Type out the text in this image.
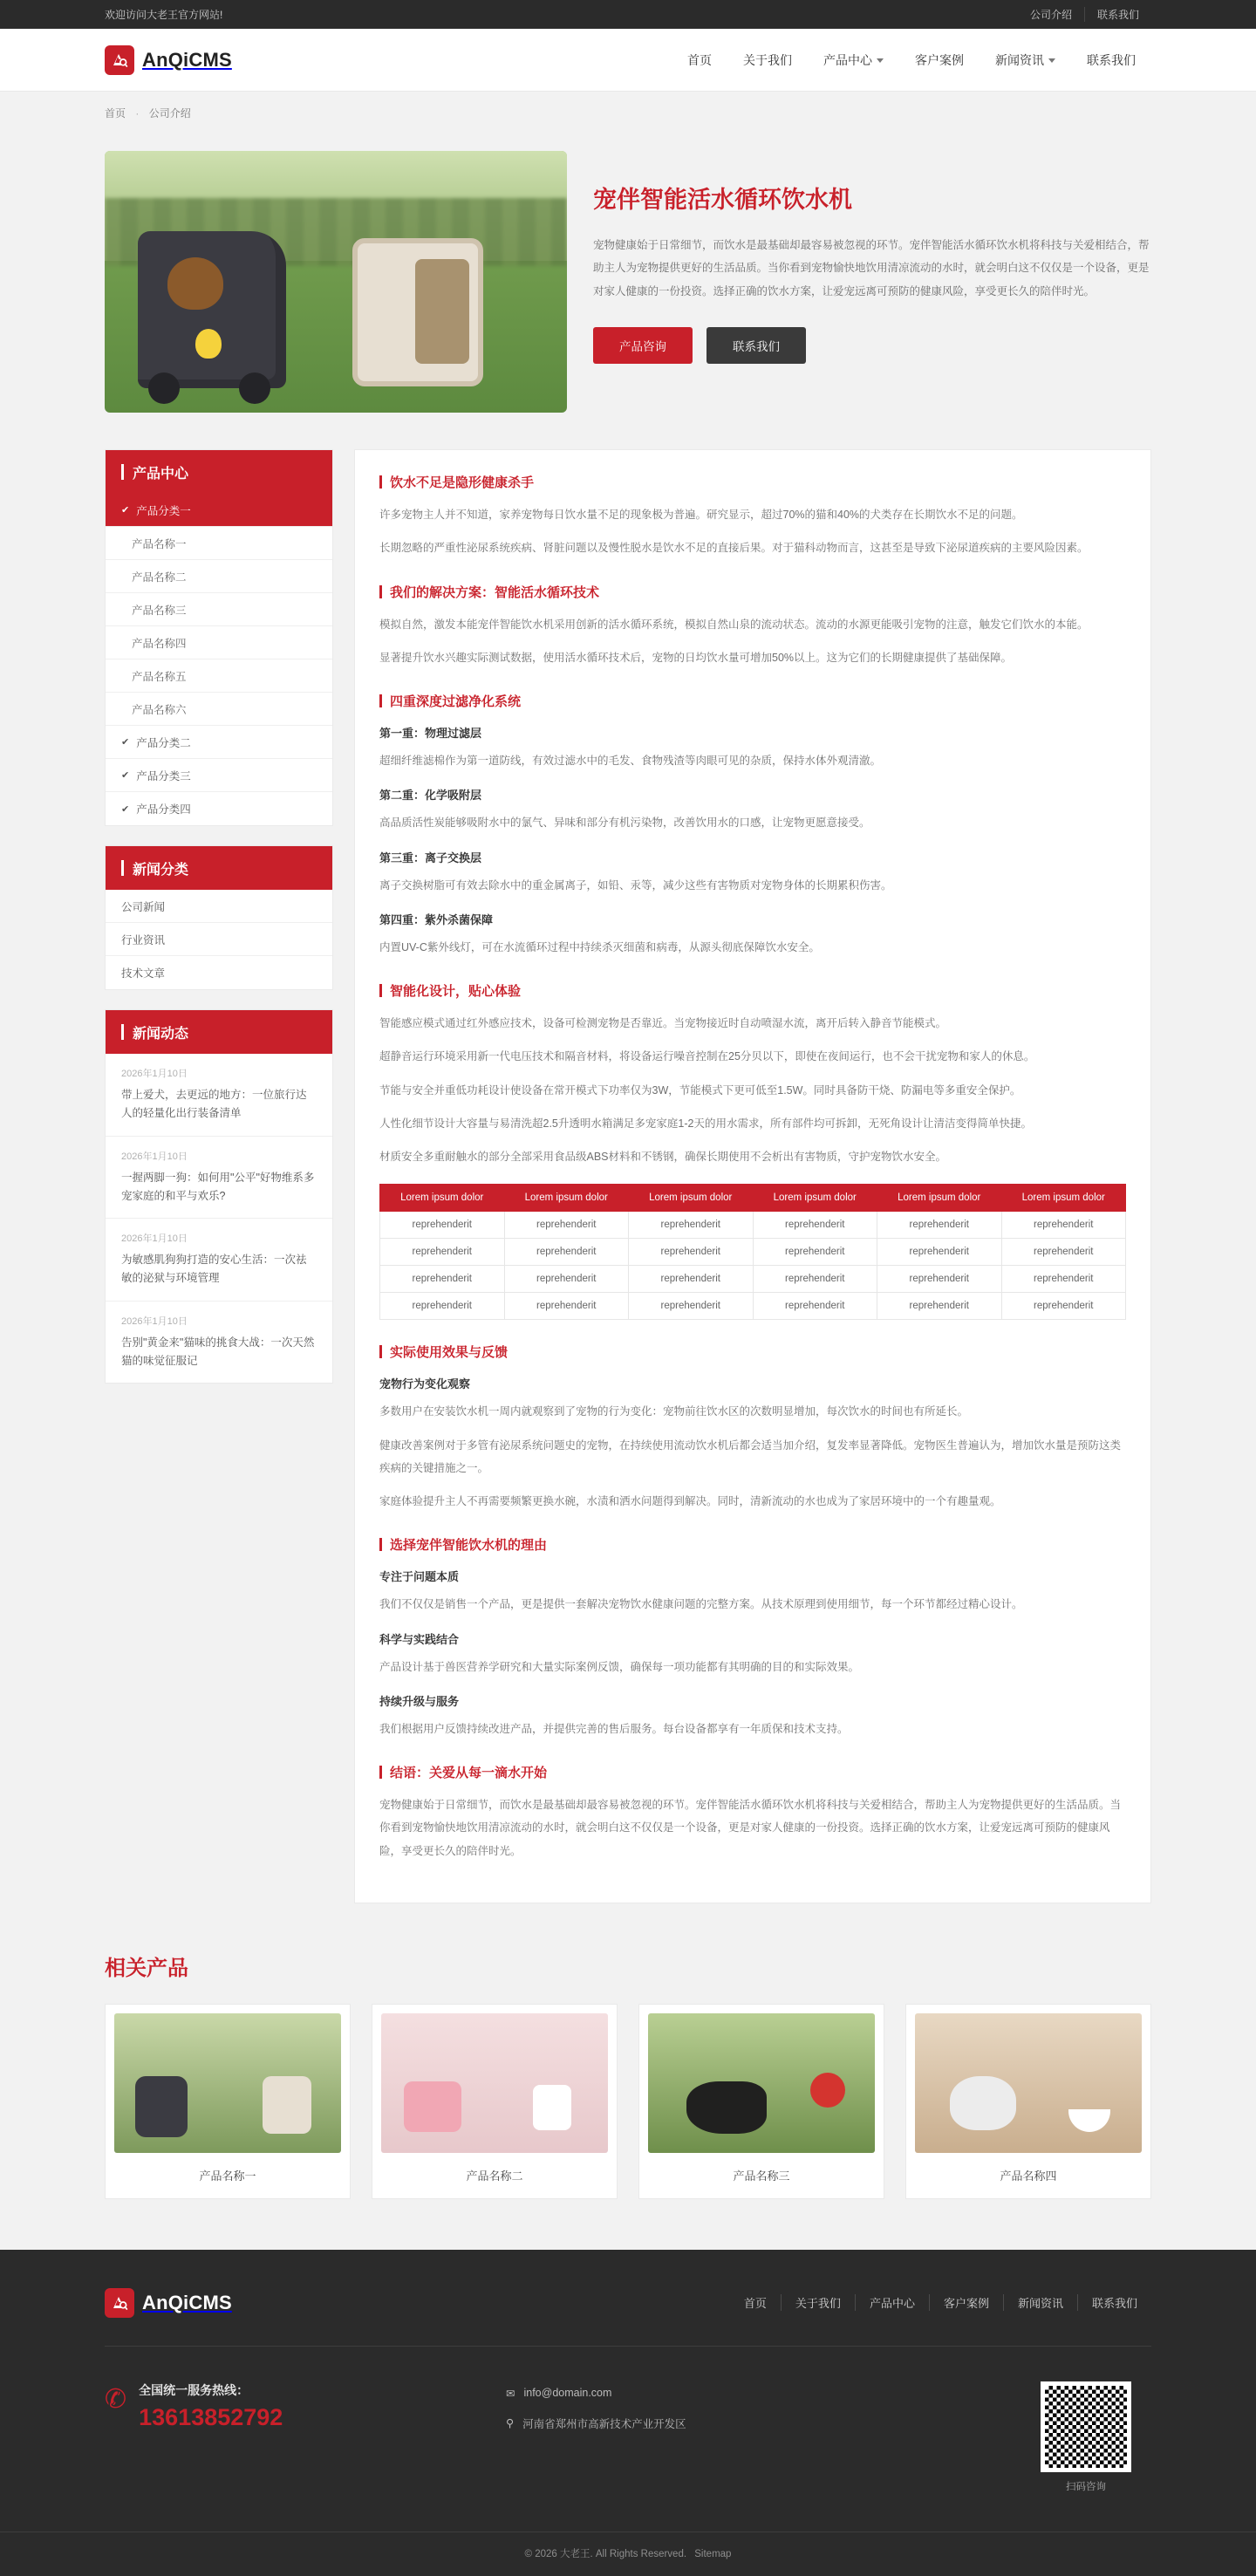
欢迎访问大老王官方网站!	公司介绍	联系我们
AnQiCMS	首页	关于我们	产品中心	客户案例	新闻资讯	联系我们
首页 · 公司介绍
宠伴智能活水循环饮水机

宠物健康始于日常细节，而饮水是最基础却最容易被忽视的环节。宠伴智能活水循环饮水机将科技与关爱相结合，帮助主人为宠物提供更好的生活品质。当你看到宠物愉快地饮用清凉流动的水时，就会明白这不仅仅是一个设备，更是对家人健康的一份投资。选择正确的饮水方案，让爱宠远离可预防的健康风险，享受更长久的陪伴时光。

产品咨询	联系我们
产品中心
✔ 产品分类一
产品名称一
产品名称二
产品名称三
产品名称四
产品名称五
产品名称六
✔ 产品分类二
✔ 产品分类三
✔ 产品分类四
新闻分类
公司新闻
行业资讯
技术文章
新闻动态
2026年1月10日
带上爱犬，去更远的地方：一位旅行达人的轻量化出行装备清单
2026年1月10日
一握两脚一狗：如何用"公平"好物维系多宠家庭的和平与欢乐?
2026年1月10日
为敏感肌狗狗打造的安心生活：一次祛敏的泌狱与环境管理
2026年1月10日
告别"黄金来"猫味的挑食大战：一次天然猫的味觉征服记
饮水不足是隐形健康杀手

许多宠物主人并不知道，家养宠物每日饮水量不足的现象极为普遍。研究显示，超过70%的猫和40%的犬类存在长期饮水不足的问题。

长期忽略的严重性泌尿系统疾病、肾脏问题以及慢性脱水是饮水不足的直接后果。对于猫科动物而言，这甚至是导致下泌尿道疾病的主要风险因素。

我们的解决方案：智能活水循环技术

模拟自然，激发本能宠伴智能饮水机采用创新的活水循环系统，模拟自然山泉的流动状态。流动的水源更能吸引宠物的注意，触发它们饮水的本能。

显著提升饮水兴趣实际测试数据，使用活水循环技术后，宠物的日均饮水量可增加50%以上。这为它们的长期健康提供了基础保障。

四重深度过滤净化系统
第一重：物理过滤层

超细纤维滤棉作为第一道防线，有效过滤水中的毛发、食物残渣等肉眼可见的杂质，保持水体外观清澈。

第二重：化学吸附层

高品质活性炭能够吸附水中的氯气、异味和部分有机污染物，改善饮用水的口感，让宠物更愿意接受。

第三重：离子交换层

离子交换树脂可有效去除水中的重金属离子，如铅、汞等，减少这些有害物质对宠物身体的长期累积伤害。

第四重：紫外杀菌保障

内置UV-C紫外线灯，可在水流循环过程中持续杀灭细菌和病毒，从源头彻底保障饮水安全。

智能化设计，贴心体验

智能感应模式通过红外感应技术，设备可检测宠物是否靠近。当宠物接近时自动喷湿水流，离开后转入静音节能模式。

超静音运行环境采用新一代电压技术和隔音材料，将设备运行噪音控制在25分贝以下，即使在夜间运行，也不会干扰宠物和家人的休息。

节能与安全并重低功耗设计使设备在常开模式下功率仅为3W，节能模式下更可低至1.5W。同时具备防干烧、防漏电等多重安全保护。

人性化细节设计大容量与易清洗超2.5升透明水箱满足多宠家庭1-2天的用水需求，所有部件均可拆卸，无死角设计让清洁变得简单快捷。

材质安全多重耐触水的部分全部采用食品级ABS材料和不锈钢，确保长期使用不会析出有害物质，守护宠物饮水安全。

Lorem ipsum dolor	Lorem ipsum dolor	Lorem ipsum dolor	Lorem ipsum dolor	Lorem ipsum dolor	Lorem ipsum dolor
reprehenderit	reprehenderit	reprehenderit	reprehenderit	reprehenderit	reprehenderit
reprehenderit	reprehenderit	reprehenderit	reprehenderit	reprehenderit	reprehenderit
reprehenderit	reprehenderit	reprehenderit	reprehenderit	reprehenderit	reprehenderit
reprehenderit	reprehenderit	reprehenderit	reprehenderit	reprehenderit	reprehenderit
实际使用效果与反馈
宠物行为变化观察

多数用户在安装饮水机一周内就观察到了宠物的行为变化：宠物前往饮水区的次数明显增加，每次饮水的时间也有所延长。

健康改善案例对于多管有泌尿系统问题史的宠物，在持续使用流动饮水机后都会适当加介绍，复发率显著降低。宠物医生普遍认为，增加饮水量是预防这类疾病的关键措施之一。

家庭体验提升主人不再需要频繁更换水碗，水渍和洒水问题得到解决。同时，清新流动的水也成为了家居环境中的一个有趣量观。

选择宠伴智能饮水机的理由
专注于问题本质

我们不仅仅是销售一个产品，更是提供一套解决宠物饮水健康问题的完整方案。从技术原理到使用细节，每一个环节都经过精心设计。

科学与实践结合

产品设计基于兽医营养学研究和大量实际案例反馈，确保每一项功能都有其明确的目的和实际效果。

持续升级与服务

我们根据用户反馈持续改进产品，并提供完善的售后服务。每台设备都享有一年质保和技术支持。

结语：关爱从每一滴水开始

宠物健康始于日常细节，而饮水是最基础却最容易被忽视的环节。宠伴智能活水循环饮水机将科技与关爱相结合，帮助主人为宠物提供更好的生活品质。当你看到宠物愉快地饮用清凉流动的水时，就会明白这不仅仅是一个设备，更是对家人健康的一份投资。选择正确的饮水方案，让爱宠远离可预防的健康风险，享受更长久的陪伴时光。

相关产品
产品名称一	产品名称二	产品名称三	产品名称四
AnQiCMS	首页	关于我们	产品中心	客户案例	新闻资讯	联系我们
✆ 全国统一服务热线：
13613852792
✉ info@domain.com
⚲ 河南省郑州市高新技术产业开发区
扫码咨询
© 2026 大老王. All Rights Reserved. Sitemap
